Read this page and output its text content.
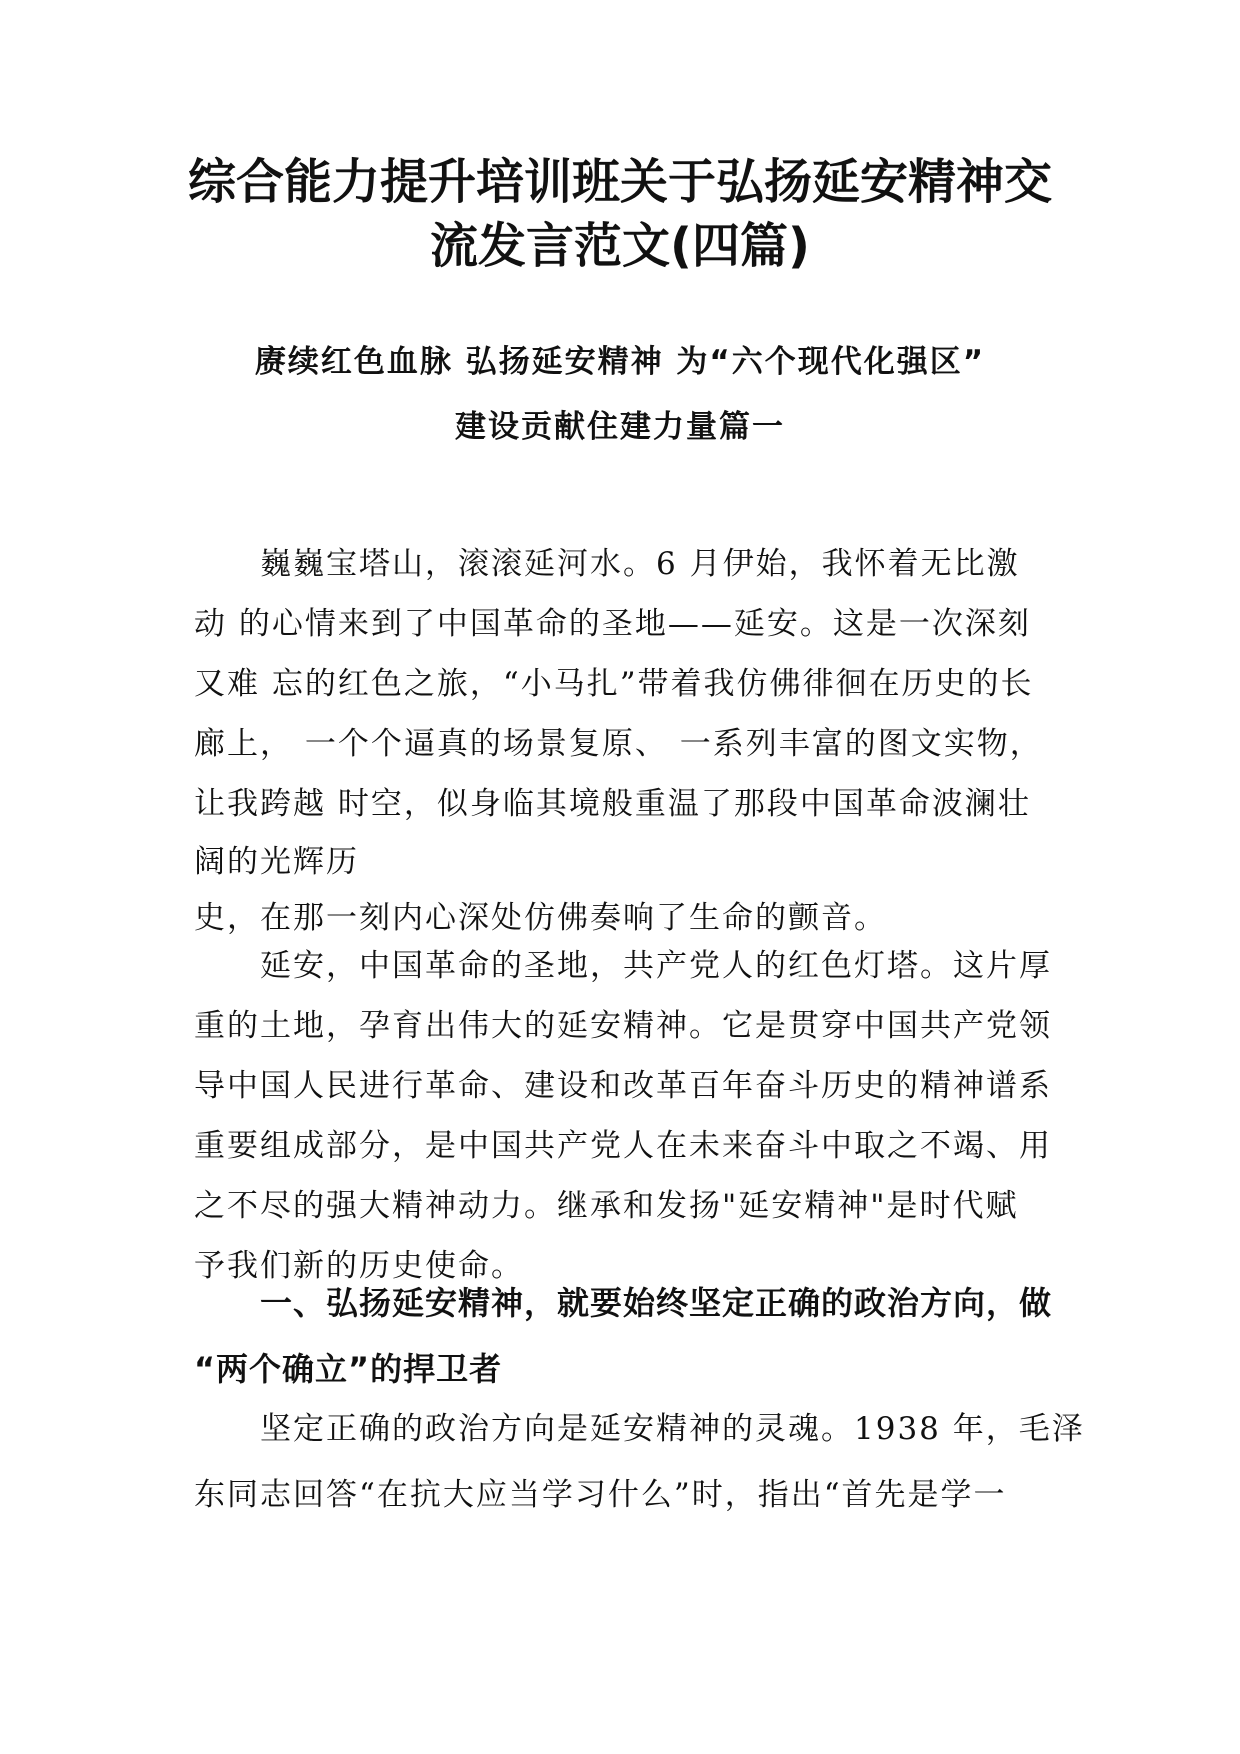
综合能力提升培训班关于弘扬延安精神交
流发言范文(四篇)
赓续红色血脉 弘扬延安精神 为“六个现代化强区”
建设贡献住建力量篇一
巍巍宝塔山，滚滚延河水。6 月伊始，我怀着无比激
动 的心情来到了中国革命的圣地——延安。这是一次深刻
又难 忘的红色之旅，“小马扎”带着我仿佛徘徊在历史的长
廊上， 一个个逼真的场景复原、 一系列丰富的图文实物，
让我跨越 时空，似身临其境般重温了那段中国革命波澜壮
阔的光辉历
史，在那一刻内心深处仿佛奏响了生命的颤音。
延安，中国革命的圣地，共产党人的红色灯塔。这片厚
重的土地，孕育出伟大的延安精神。它是贯穿中国共产党领
导中国人民进行革命、建设和改革百年奋斗历史的精神谱系
重要组成部分，是中国共产党人在未来奋斗中取之不竭、用
之不尽的强大精神动力。继承和发扬"延安精神"是时代赋
予我们新的历史使命。
一、弘扬延安精神，就要始终坚定正确的政治方向，做
“两个确立”的捍卫者
坚定正确的政治方向是延安精神的灵魂。1938 年，毛泽
东同志回答“在抗大应当学习什么”时，指出“首先是学一
